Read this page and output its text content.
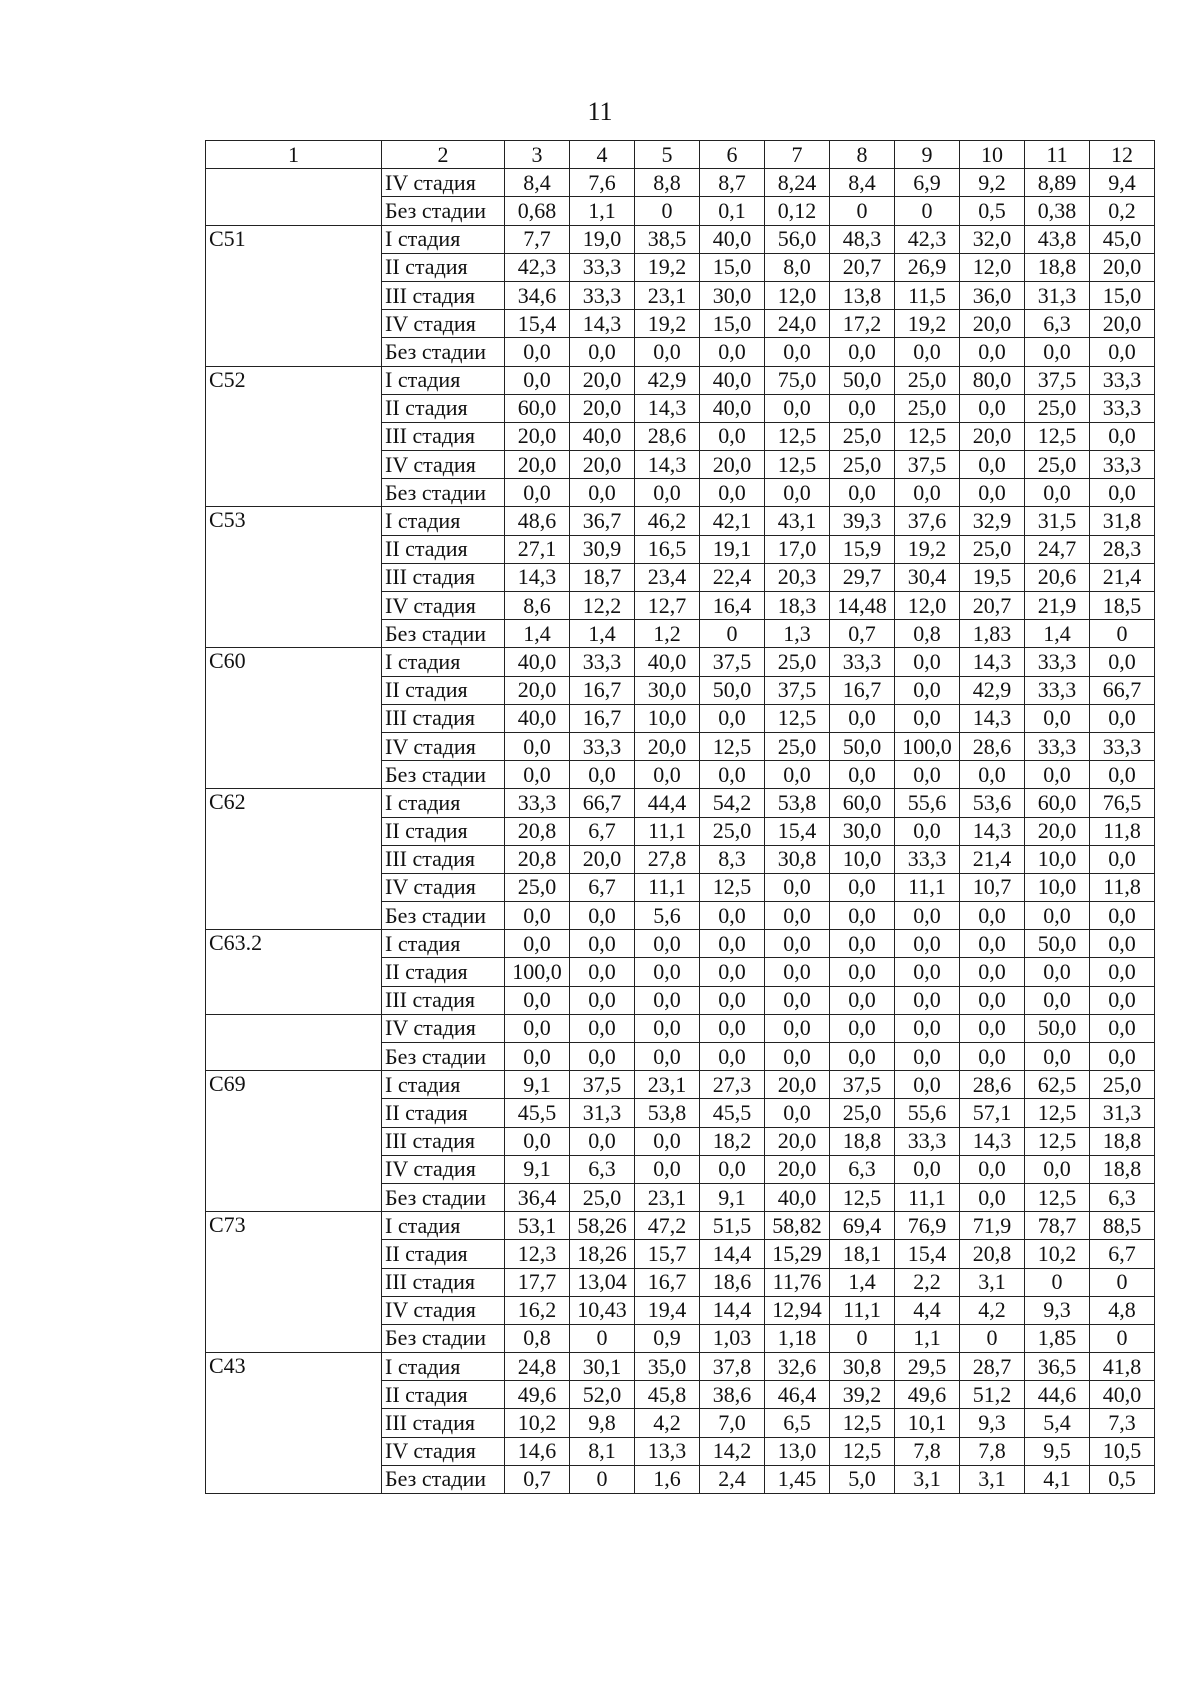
11
1	2	3	4	5	6	7	8	9	10	11	12
	IV стадия	8,4	7,6	8,8	8,7	8,24	8,4	6,9	9,2	8,89	9,4
	Без стадии	0,68	1,1	0	0,1	0,12	0	0	0,5	0,38	0,2
С51	I стадия	7,7	19,0	38,5	40,0	56,0	48,3	42,3	32,0	43,8	45,0
	II стадия	42,3	33,3	19,2	15,0	8,0	20,7	26,9	12,0	18,8	20,0
	III стадия	34,6	33,3	23,1	30,0	12,0	13,8	11,5	36,0	31,3	15,0
	IV стадия	15,4	14,3	19,2	15,0	24,0	17,2	19,2	20,0	6,3	20,0
	Без стадии	0,0	0,0	0,0	0,0	0,0	0,0	0,0	0,0	0,0	0,0
С52	I стадия	0,0	20,0	42,9	40,0	75,0	50,0	25,0	80,0	37,5	33,3
	II стадия	60,0	20,0	14,3	40,0	0,0	0,0	25,0	0,0	25,0	33,3
	III стадия	20,0	40,0	28,6	0,0	12,5	25,0	12,5	20,0	12,5	0,0
	IV стадия	20,0	20,0	14,3	20,0	12,5	25,0	37,5	0,0	25,0	33,3
	Без стадии	0,0	0,0	0,0	0,0	0,0	0,0	0,0	0,0	0,0	0,0
С53	I стадия	48,6	36,7	46,2	42,1	43,1	39,3	37,6	32,9	31,5	31,8
	II стадия	27,1	30,9	16,5	19,1	17,0	15,9	19,2	25,0	24,7	28,3
	III стадия	14,3	18,7	23,4	22,4	20,3	29,7	30,4	19,5	20,6	21,4
	IV стадия	8,6	12,2	12,7	16,4	18,3	14,48	12,0	20,7	21,9	18,5
	Без стадии	1,4	1,4	1,2	0	1,3	0,7	0,8	1,83	1,4	0
С60	I стадия	40,0	33,3	40,0	37,5	25,0	33,3	0,0	14,3	33,3	0,0
	II стадия	20,0	16,7	30,0	50,0	37,5	16,7	0,0	42,9	33,3	66,7
	III стадия	40,0	16,7	10,0	0,0	12,5	0,0	0,0	14,3	0,0	0,0
	IV стадия	0,0	33,3	20,0	12,5	25,0	50,0	100,0	28,6	33,3	33,3
	Без стадии	0,0	0,0	0,0	0,0	0,0	0,0	0,0	0,0	0,0	0,0
С62	I стадия	33,3	66,7	44,4	54,2	53,8	60,0	55,6	53,6	60,0	76,5
	II стадия	20,8	6,7	11,1	25,0	15,4	30,0	0,0	14,3	20,0	11,8
	III стадия	20,8	20,0	27,8	8,3	30,8	10,0	33,3	21,4	10,0	0,0
	IV стадия	25,0	6,7	11,1	12,5	0,0	0,0	11,1	10,7	10,0	11,8
	Без стадии	0,0	0,0	5,6	0,0	0,0	0,0	0,0	0,0	0,0	0,0
С63.2	I стадия	0,0	0,0	0,0	0,0	0,0	0,0	0,0	0,0	50,0	0,0
	II стадия	100,0	0,0	0,0	0,0	0,0	0,0	0,0	0,0	0,0	0,0
	III стадия	0,0	0,0	0,0	0,0	0,0	0,0	0,0	0,0	0,0	0,0
	IV стадия	0,0	0,0	0,0	0,0	0,0	0,0	0,0	0,0	50,0	0,0
	Без стадии	0,0	0,0	0,0	0,0	0,0	0,0	0,0	0,0	0,0	0,0
С69	I стадия	9,1	37,5	23,1	27,3	20,0	37,5	0,0	28,6	62,5	25,0
	II стадия	45,5	31,3	53,8	45,5	0,0	25,0	55,6	57,1	12,5	31,3
	III стадия	0,0	0,0	0,0	18,2	20,0	18,8	33,3	14,3	12,5	18,8
	IV стадия	9,1	6,3	0,0	0,0	20,0	6,3	0,0	0,0	0,0	18,8
	Без стадии	36,4	25,0	23,1	9,1	40,0	12,5	11,1	0,0	12,5	6,3
С73	I стадия	53,1	58,26	47,2	51,5	58,82	69,4	76,9	71,9	78,7	88,5
	II стадия	12,3	18,26	15,7	14,4	15,29	18,1	15,4	20,8	10,2	6,7
	III стадия	17,7	13,04	16,7	18,6	11,76	1,4	2,2	3,1	0	0
	IV стадия	16,2	10,43	19,4	14,4	12,94	11,1	4,4	4,2	9,3	4,8
	Без стадии	0,8	0	0,9	1,03	1,18	0	1,1	0	1,85	0
С43	I стадия	24,8	30,1	35,0	37,8	32,6	30,8	29,5	28,7	36,5	41,8
	II стадия	49,6	52,0	45,8	38,6	46,4	39,2	49,6	51,2	44,6	40,0
	III стадия	10,2	9,8	4,2	7,0	6,5	12,5	10,1	9,3	5,4	7,3
	IV стадия	14,6	8,1	13,3	14,2	13,0	12,5	7,8	7,8	9,5	10,5
	Без стадии	0,7	0	1,6	2,4	1,45	5,0	3,1	3,1	4,1	0,5
